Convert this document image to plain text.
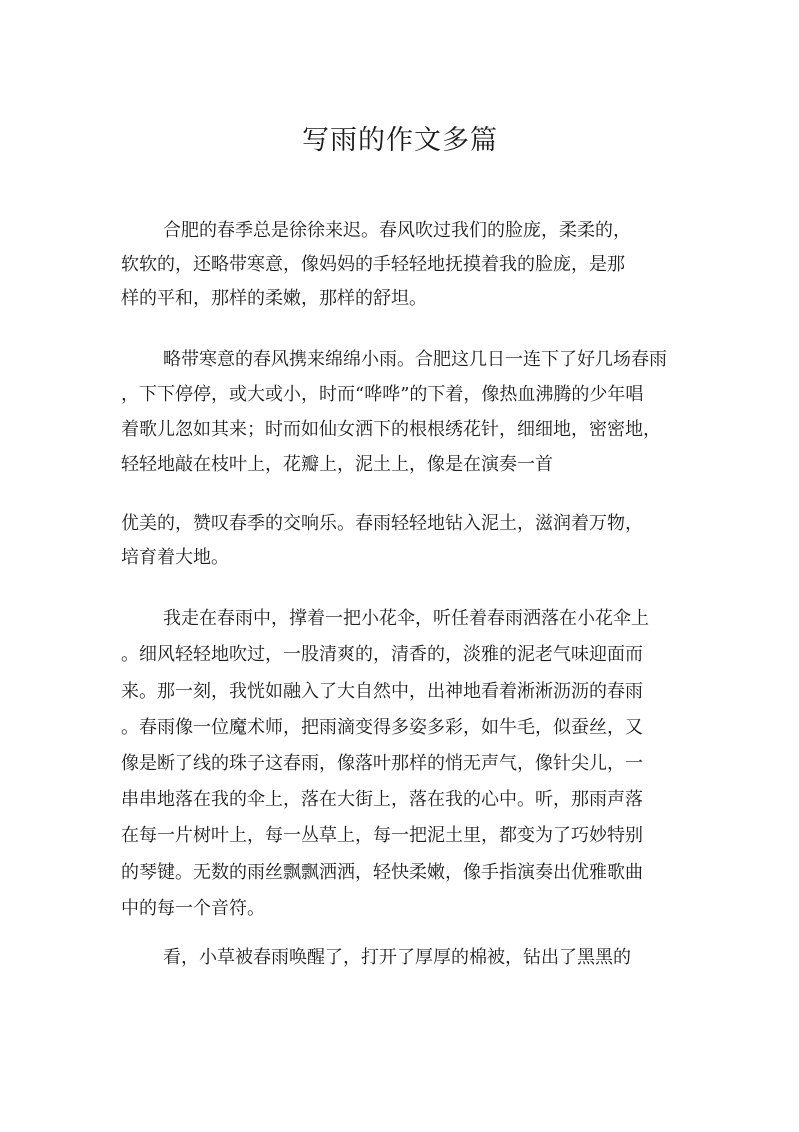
写雨的作文多篇

合肥的春季总是徐徐来迟。春风吹过我们的脸庞，柔柔的，

软软的，还略带寒意，像妈妈的手轻轻地抚摸着我的脸庞，是那

样的平和，那样的柔嫩，那样的舒坦。

略带寒意的春风携来绵绵小雨。合肥这几日一连下了好几场春雨

，下下停停，或大或小，时而“哗哗”的下着，像热血沸腾的少年唱

着歌儿忽如其来；时而如仙女洒下的根根绣花针，细细地，密密地，

轻轻地敲在枝叶上，花瓣上，泥土上，像是在演奏一首

优美的，赞叹春季的交响乐。春雨轻轻地钻入泥土，滋润着万物，

培育着大地。

我走在春雨中，撑着一把小花伞，听任着春雨洒落在小花伞上

。细风轻轻地吹过，一股清爽的，清香的，淡雅的泥老气味迎面而

来。那一刻，我恍如融入了大自然中，出神地看着淅淅沥沥的春雨

。春雨像一位魔术师，把雨滴变得多姿多彩，如牛毛，似蚕丝，又

像是断了线的珠子这春雨，像落叶那样的悄无声气，像针尖儿，一

串串地落在我的伞上，落在大街上，落在我的心中。听，那雨声落

在每一片树叶上，每一丛草上，每一把泥土里，都变为了巧妙特别

的琴键。无数的雨丝飘飘洒洒，轻快柔嫩，像手指演奏出优雅歌曲

中的每一个音符。

看，小草被春雨唤醒了，打开了厚厚的棉被，钻出了黑黑的
